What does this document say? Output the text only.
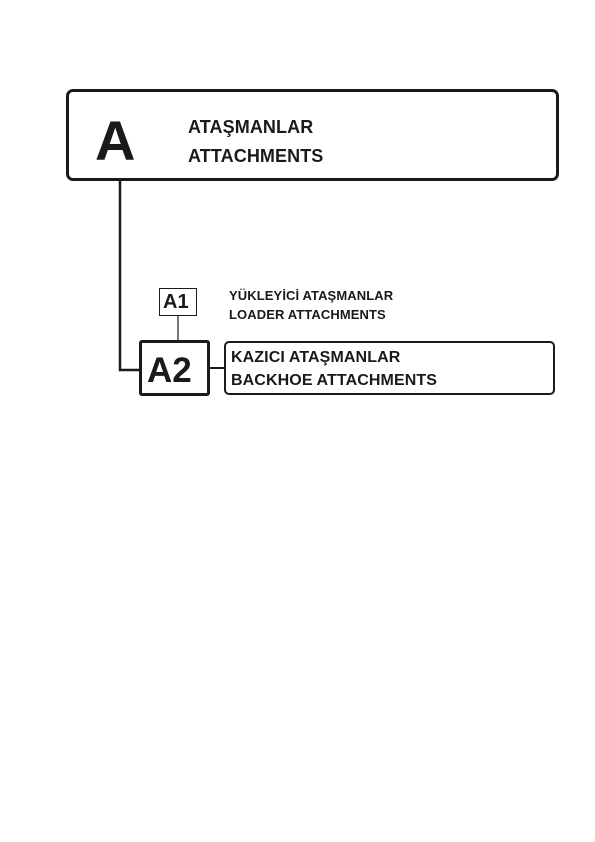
A	ATAŞMANLAR
ATTACHMENTS
A1	YÜKLEYİCİ ATAŞMANLAR
LOADER ATTACHMENTS
A2 KAZICI ATAŞMANLAR
BACKHOE ATTACHMENTS
